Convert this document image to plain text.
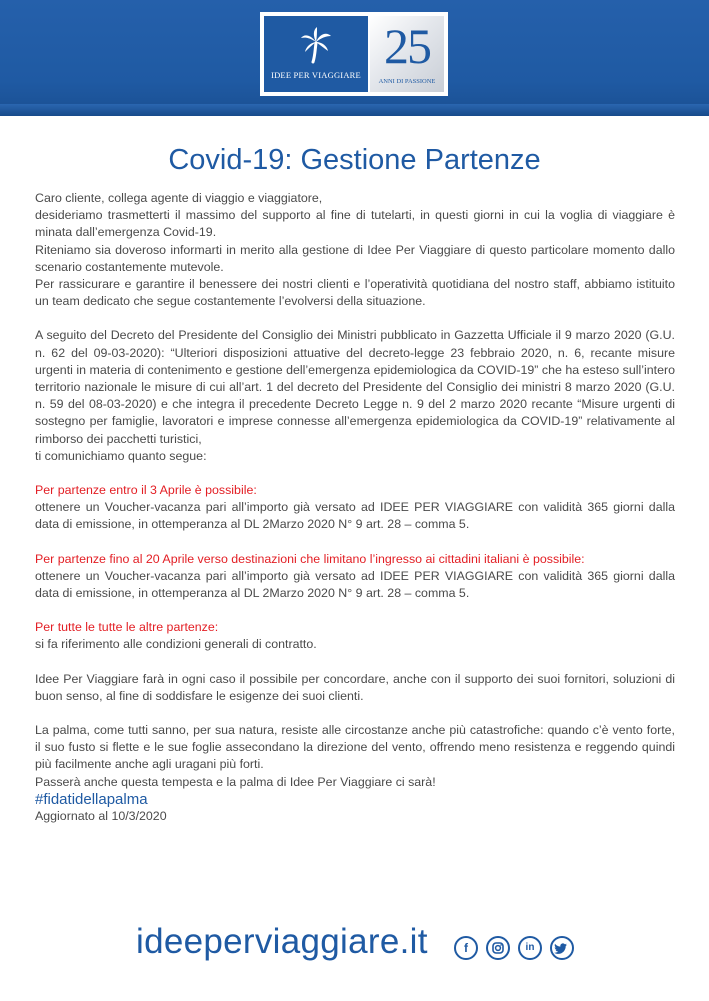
IDEE PER VIAGGIARE
25
ANNI DI PASSIONE
Covid-19: Gestione Partenze

Caro cliente, collega agente di viaggio e viaggiatore,

desideriamo trasmetterti il massimo del supporto al fine di tutelarti, in questi giorni in cui la voglia di viaggiare è minata dall’emergenza Covid-19.

Riteniamo sia doveroso informarti in merito alla gestione di Idee Per Viaggiare di questo particolare momento dallo scenario costantemente mutevole.

Per rassicurare e garantire il benessere dei nostri clienti e l’operatività quotidiana del nostro staff, abbiamo istituito un team dedicato che segue costantemente l’evolversi della situazione.

A seguito del Decreto del Presidente del Consiglio dei Ministri pubblicato in Gazzetta Ufficiale il 9 marzo 2020 (G.U. n. 62 del 09-03-2020): “Ulteriori disposizioni attuative del decreto-legge 23 febbraio 2020, n. 6, recante misure urgenti in materia di contenimento e gestione dell’emergenza epidemiologica da COVID-19” che ha esteso sull’intero territorio nazionale le misure di cui all’art. 1 del decreto del Presidente del Consiglio dei ministri 8 marzo 2020 (G.U. n. 59 del 08-03-2020) e che integra il precedente Decreto Legge n. 9 del 2 marzo 2020 recante “Misure urgenti di sostegno per famiglie, lavoratori e imprese connesse all’emergenza epidemiologica da COVID-19” relativamente al rimborso dei pacchetti turistici,

ti comunichiamo quanto segue:

Per partenze entro il 3 Aprile è possibile:

ottenere un Voucher-vacanza pari all’importo già versato ad IDEE PER VIAGGIARE con validità 365 giorni dalla data di emissione, in ottemperanza al DL 2Marzo 2020 N° 9 art. 28 – comma 5.

Per partenze fino al 20 Aprile verso destinazioni che limitano l’ingresso ai cittadini italiani è possibile:

ottenere un Voucher-vacanza pari all’importo già versato ad IDEE PER VIAGGIARE con validità 365 giorni dalla data di emissione, in ottemperanza al DL 2Marzo 2020 N° 9 art. 28 – comma 5.

Per tutte le tutte le altre partenze:

si fa riferimento alle condizioni generali di contratto.

Idee Per Viaggiare farà in ogni caso il possibile per concordare, anche con il supporto dei suoi fornitori, soluzioni di buon senso, al fine di soddisfare le esigenze dei suoi clienti.

La palma, come tutti sanno, per sua natura, resiste alle circostanze anche più catastrofiche: quando c’è vento forte, il suo fusto si flette e le sue foglie assecondano la direzione del vento, offrendo meno resistenza e reggendo quindi più facilmente anche agli uragani più forti.

Passerà anche questa tempesta e la palma di Idee Per Viaggiare ci sarà!

#fidatidellapalma

Aggiornato al 10/3/2020

ideeperviaggiare.it	f	in
